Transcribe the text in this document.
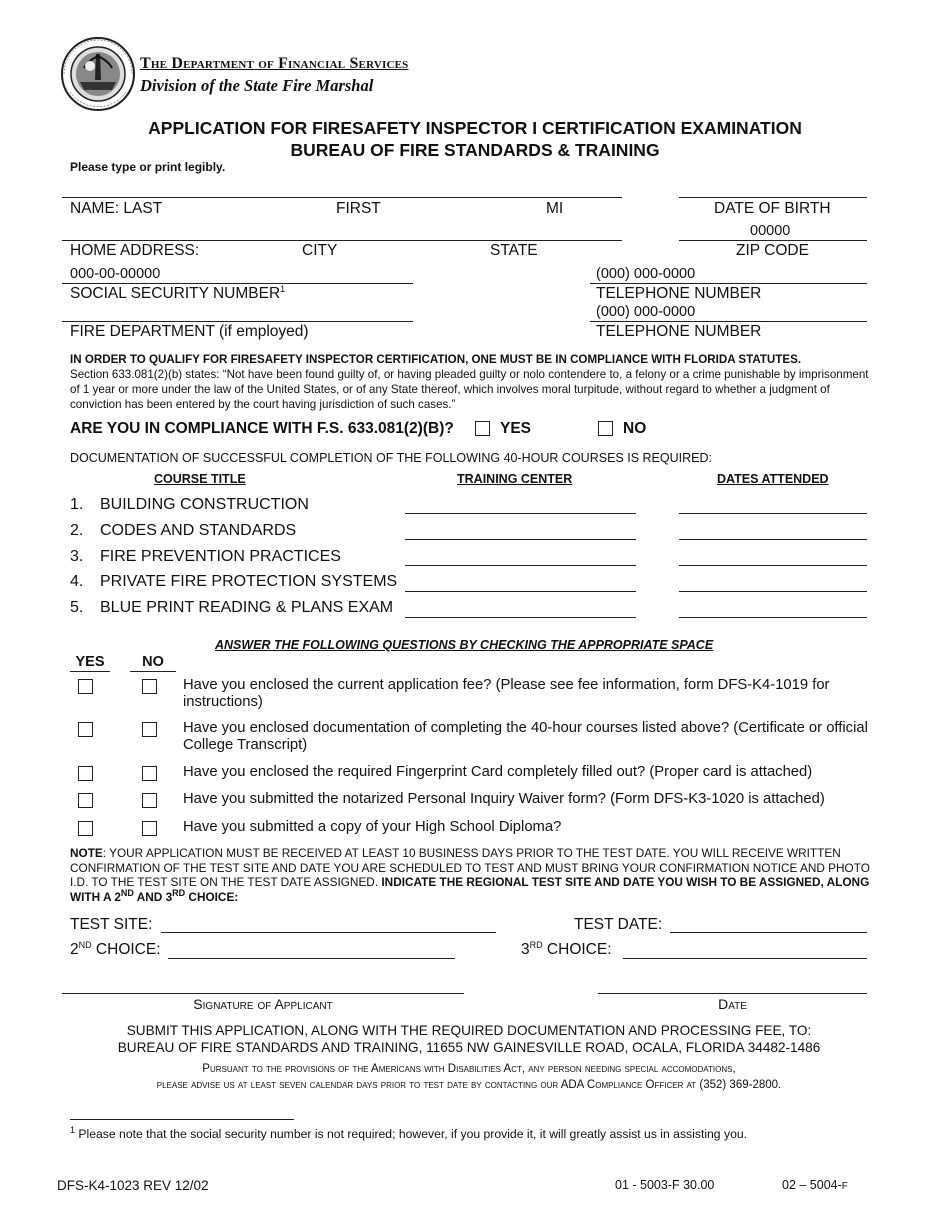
The Department of Financial Services
Division of the State Fire Marshal
APPLICATION FOR FIRESAFETY INSPECTOR I CERTIFICATION EXAMINATION
BUREAU OF FIRE STANDARDS & TRAINING
Please type or print legibly.
NAME: LAST	FIRST	MI	DATE OF BIRTH
00000
HOME ADDRESS:	CITY	STATE	ZIP CODE
000-00-00000	(000) 000-0000
SOCIAL SECURITY NUMBER$^1$	TELEPHONE NUMBER
(000) 000-0000
FIRE DEPARTMENT (if employed)	TELEPHONE NUMBER
IN ORDER TO QUALIFY FOR FIRESAFETY INSPECTOR CERTIFICATION, ONE MUST BE IN COMPLIANCE WITH FLORIDA STATUTES.
Section 633.081(2)(b) states: “Not have been found guilty of, or having pleaded guilty or nolo contendere to, a felony or a crime punishable by imprisonment of 1 year or more under the law of the United States, or of any State thereof, which involves moral turpitude, without regard to whether a judgment of conviction has been entered by the court having jurisdiction of such cases.”
ARE YOU IN COMPLIANCE WITH F.S. 633.081(2)(B)?	YES	NO
DOCUMENTATION OF SUCCESSFUL COMPLETION OF THE FOLLOWING 40-HOUR COURSES IS REQUIRED:
COURSE TITLE	TRAINING CENTER	DATES ATTENDED
1. BUILDING CONSTRUCTION
2. CODES AND STANDARDS
3. FIRE PREVENTION PRACTICES
4. PRIVATE FIRE PROTECTION SYSTEMS
5. BLUE PRINT READING & PLANS EXAM
ANSWER THE FOLLOWING QUESTIONS BY CHECKING THE APPROPRIATE SPACE
YES	NO
Have you enclosed the current application fee? (Please see fee information, form DFS-K4-1019 for instructions)
Have you enclosed documentation of completing the 40-hour courses listed above? (Certificate or official College Transcript)
Have you enclosed the required Fingerprint Card completely filled out? (Proper card is attached)
Have you submitted the notarized Personal Inquiry Waiver form? (Form DFS-K3-1020 is attached)
Have you submitted a copy of your High School Diploma?
NOTE: YOUR APPLICATION MUST BE RECEIVED AT LEAST 10 BUSINESS DAYS PRIOR TO THE TEST DATE. YOU WILL RECEIVE WRITTEN CONFIRMATION OF THE TEST SITE AND DATE YOU ARE SCHEDULED TO TEST AND MUST BRING YOUR CONFIRMATION NOTICE AND PHOTO I.D. TO THE TEST SITE ON THE TEST DATE ASSIGNED. INDICATE THE REGIONAL TEST SITE AND DATE YOU WISH TO BE ASSIGNED, ALONG WITH A 2ND AND 3RD CHOICE:
TEST SITE:	TEST DATE:
2ND CHOICE:	3RD CHOICE:
Signature of Applicant	Date
SUBMIT THIS APPLICATION, ALONG WITH THE REQUIRED DOCUMENTATION AND PROCESSING FEE, TO:
BUREAU OF FIRE STANDARDS AND TRAINING, 11655 NW GAINESVILLE ROAD, OCALA, FLORIDA 34482-1486
Pursuant to the provisions of the Americans with Disabilities Act, any person needing special accomodations,
please advise us at least seven calendar days prior to test date by contacting our ADA Compliance Officer at (352) 369-2800.
$^1$ Please note that the social security number is not required; however, if you provide it, it will greatly assist us in assisting you.
DFS-K4-1023 REV 12/02	01 - 5003-F 30.00	02 – 5004-F
